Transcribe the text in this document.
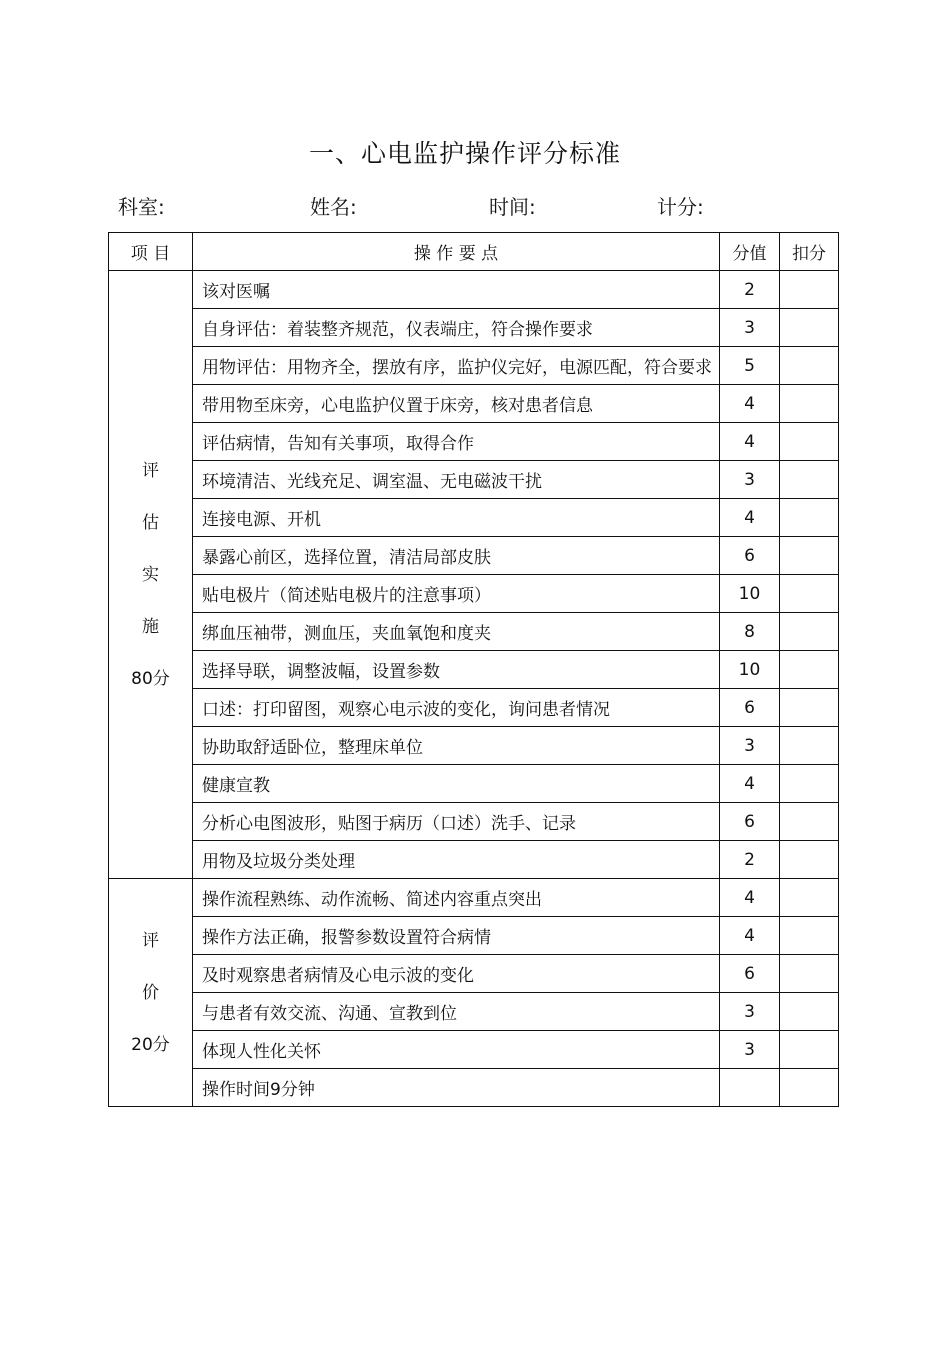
一、心电监护操作评分标准
科室:	姓名:	时间:	计分:
项 目	操 作 要 点	分值	扣分

评
估
实
施
80分	该对医嘱	2	
	自身评估：着装整齐规范，仪表端庄，符合操作要求	3	
	用物评估：用物齐全，摆放有序，监护仪完好，电源匹配，符合要求	5	
	带用物至床旁，心电监护仪置于床旁，核对患者信息	4	
	评估病情，告知有关事项，取得合作	4	
	环境清洁、光线充足、调室温、无电磁波干扰	3	
	连接电源、开机	4	
	暴露心前区，选择位置，清洁局部皮肤	6	
	贴电极片（简述贴电极片的注意事项）	10	
	绑血压袖带，测血压，夹血氧饱和度夹	8	
	选择导联，调整波幅，设置参数	10	
	口述：打印留图，观察心电示波的变化，询问患者情况	6	
	协助取舒适卧位，整理床单位	3	
	健康宣教	4	
	分析心电图波形，贴图于病历（口述）洗手、记录	6	
	用物及垃圾分类处理	2	

评
价
20分	操作流程熟练、动作流畅、简述内容重点突出	4	
	操作方法正确，报警参数设置符合病情	4	
	及时观察患者病情及心电示波的变化	6	
	与患者有效交流、沟通、宣教到位	3	
	体现人性化关怀	3	
	操作时间9分钟		
